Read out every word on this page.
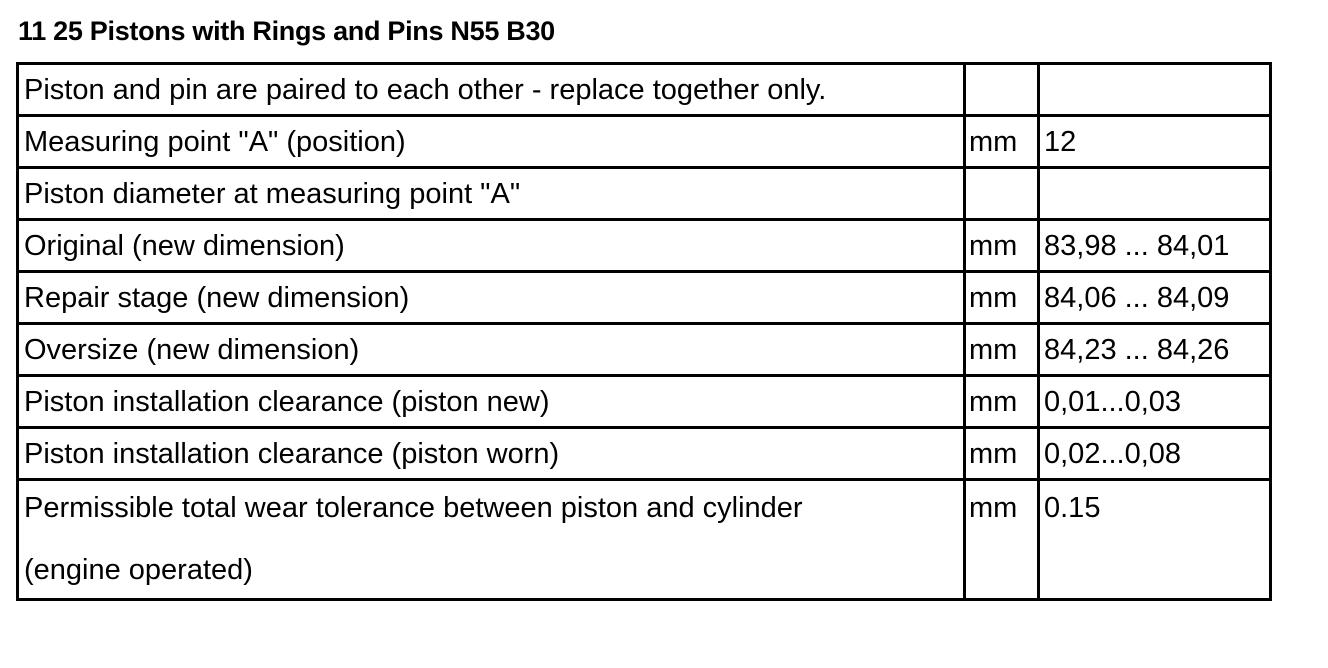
11 25 Pistons with Rings and Pins N55 B30
Piston and pin are paired to each other - replace together only.		
Measuring point "A" (position)	mm	12
Piston diameter at measuring point "A"		
Original (new dimension)	mm	83,98 ... 84,01
Repair stage (new dimension)	mm	84,06 ... 84,09
Oversize (new dimension)	mm	84,23 ... 84,26
Piston installation clearance (piston new)	mm	0,01...0,03
Piston installation clearance (piston worn)	mm	0,02...0,08

Permissible total wear tolerance between piston and cylinder
(engine operated)	mm	0.15
